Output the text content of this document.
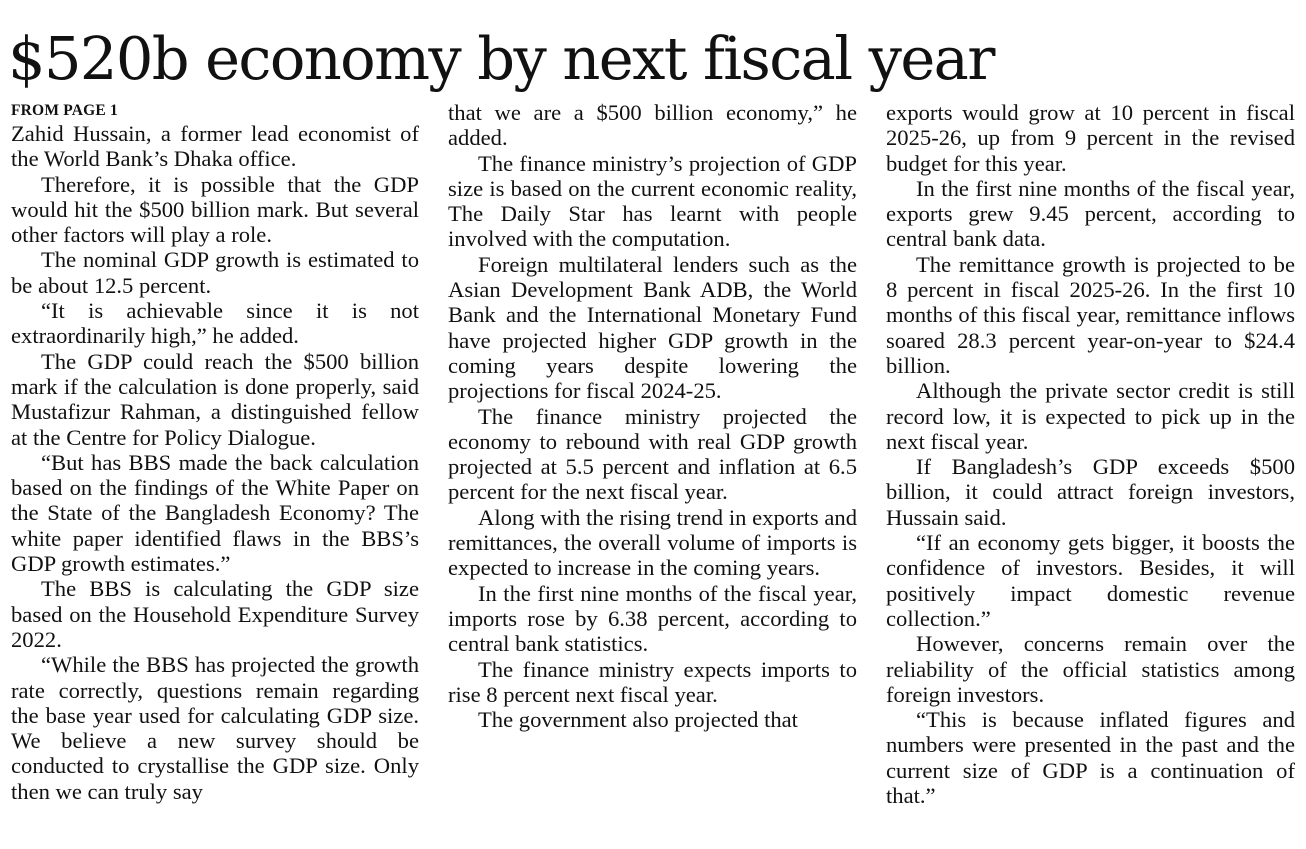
$520b economy by next fiscal year
FROM PAGE 1

Zahid Hussain, a former lead economist of the World Bank’s Dhaka office.

Therefore, it is possible that the GDP would hit the $500 billion mark. But several other factors will play a role.

The nominal GDP growth is estimated to be about 12.5 percent.

“It is achievable since it is not extraordinarily high,” he added.

The GDP could reach the $500 billion mark if the calculation is done properly, said Mustafizur Rahman, a distinguished fellow at the Centre for Policy Dialogue.

“But has BBS made the back calculation based on the findings of the White Paper on the State of the Bangladesh Economy? The white paper identified flaws in the BBS’s GDP growth estimates.”

The BBS is calculating the GDP size based on the Household Expenditure Survey 2022.

“While the BBS has projected the growth rate correctly, questions remain regarding the base year used for calculating GDP size. We believe a new survey should be conducted to crystallise the GDP size. Only then we can truly say

that we are a $500 billion economy,” he added.

The finance ministry’s projection of GDP size is based on the current economic reality, The Daily Star has learnt with people involved with the computation.

Foreign multilateral lenders such as the Asian Development Bank ADB, the World Bank and the International Monetary Fund have projected higher GDP growth in the coming years despite lowering the projections for fiscal 2024-25.

The finance ministry projected the economy to rebound with real GDP growth projected at 5.5 percent and inflation at 6.5 percent for the next fiscal year.

Along with the rising trend in exports and remittances, the overall volume of imports is expected to increase in the coming years.

In the first nine months of the fiscal year, imports rose by 6.38 percent, according to central bank statistics.

The finance ministry expects imports to rise 8 percent next fiscal year.

The government also projected that

exports would grow at 10 percent in fiscal 2025-26, up from 9 percent in the revised budget for this year.

In the first nine months of the fiscal year, exports grew 9.45 percent, according to central bank data.

The remittance growth is projected to be 8 percent in fiscal 2025-26. In the first 10 months of this fiscal year, remittance inflows soared 28.3 percent year-on-year to $24.4 billion.

Although the private sector credit is still record low, it is expected to pick up in the next fiscal year.

If Bangladesh’s GDP exceeds $500 billion, it could attract foreign investors, Hussain said.

“If an economy gets bigger, it boosts the confidence of investors. Besides, it will positively impact domestic revenue collection.”

However, concerns remain over the reliability of the official statistics among foreign investors.

“This is because inflated figures and numbers were presented in the past and the current size of GDP is a continuation of that.”
